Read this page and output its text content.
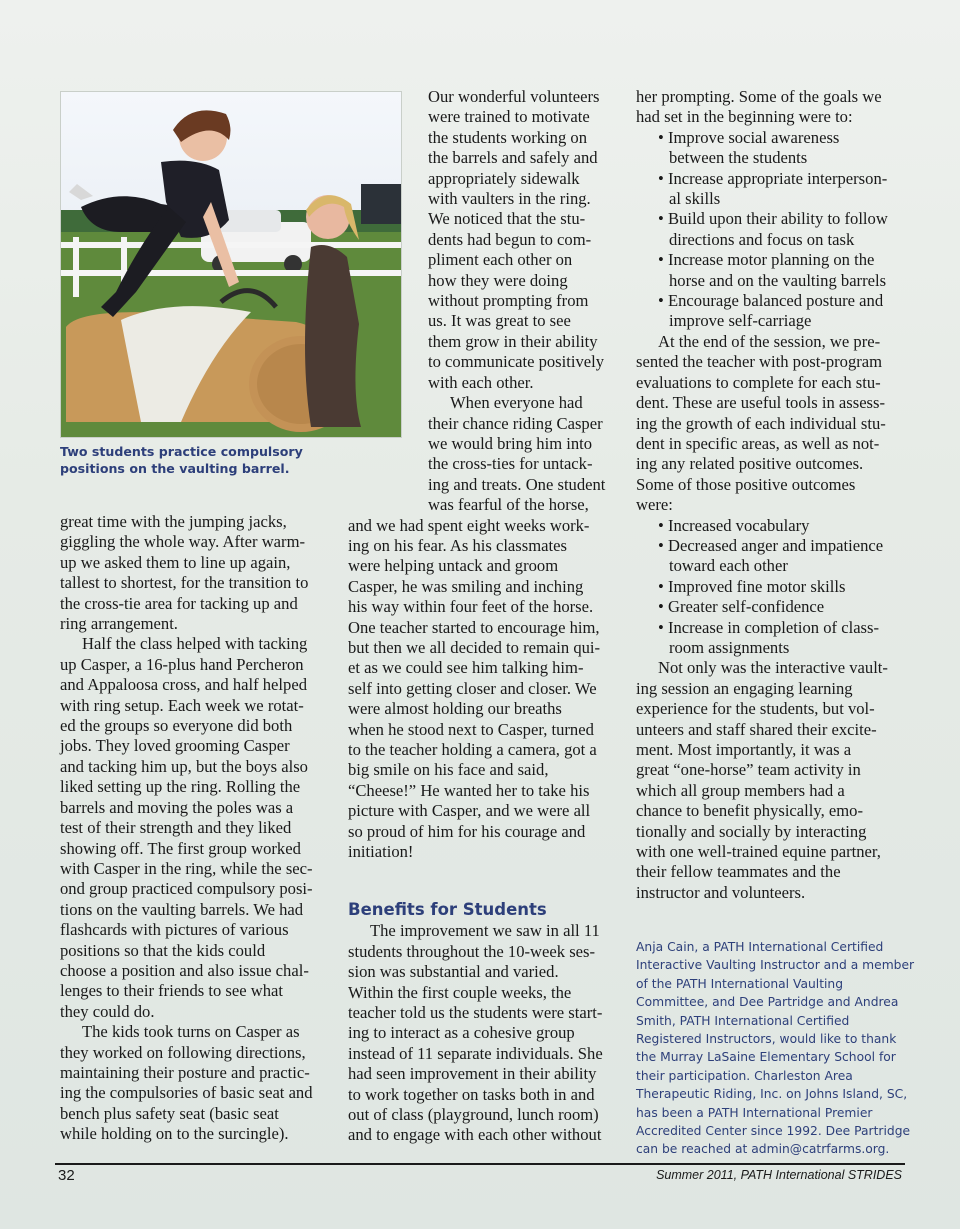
Two students practice compulsory
positions on the vaulting barrel.

great time with the jumping jacks,
giggling the whole way. After warm-
up we asked them to line up again,
tallest to shortest, for the transition to
the cross-tie area for tacking up and
ring arrangement.

Half the class helped with tacking
up Casper, a 16-plus hand Percheron
and Appaloosa cross, and half helped
with ring setup. Each week we rotat-
ed the groups so everyone did both
jobs. They loved grooming Casper
and tacking him up, but the boys also
liked setting up the ring. Rolling the
barrels and moving the poles was a
test of their strength and they liked
showing off. The first group worked
with Casper in the ring, while the sec-
ond group practiced compulsory posi-
tions on the vaulting barrels. We had
flashcards with pictures of various
positions so that the kids could
choose a position and also issue chal-
lenges to their friends to see what
they could do.

The kids took turns on Casper as
they worked on following directions,
maintaining their posture and practic-
ing the compulsories of basic seat and
bench plus safety seat (basic seat
while holding on to the surcingle).

Our wonderful volunteers
were trained to motivate
the students working on
the barrels and safely and
appropriately sidewalk
with vaulters in the ring.
We noticed that the stu-
dents had begun to com-
pliment each other on
how they were doing
without prompting from
us. It was great to see
them grow in their ability
to communicate positively
with each other.

When everyone had
their chance riding Casper
we would bring him into
the cross-ties for untack-
ing and treats. One student
was fearful of the horse,

and we had spent eight weeks work-
ing on his fear. As his classmates
were helping untack and groom
Casper, he was smiling and inching
his way within four feet of the horse.
One teacher started to encourage him,
but then we all decided to remain qui-
et as we could see him talking him-
self into getting closer and closer. We
were almost holding our breaths
when he stood next to Casper, turned
to the teacher holding a camera, got a
big smile on his face and said,
“Cheese!” He wanted her to take his
picture with Casper, and we were all
so proud of him for his courage and
initiation!

Benefits for Students

The improvement we saw in all 11
students throughout the 10-week ses-
sion was substantial and varied.
Within the first couple weeks, the
teacher told us the students were start-
ing to interact as a cohesive group
instead of 11 separate individuals. She
had seen improvement in their ability
to work together on tasks both in and
out of class (playground, lunch room)
and to engage with each other without

her prompting. Some of the goals we
had set in the beginning were to:

• Improve social awareness
between the students
• Increase appropriate interperson-
al skills
• Build upon their ability to follow
directions and focus on task
• Increase motor planning on the
horse and on the vaulting barrels
• Encourage balanced posture and
improve self-carriage

At the end of the session, we pre-
sented the teacher with post-program
evaluations to complete for each stu-
dent. These are useful tools in assess-
ing the growth of each individual stu-
dent in specific areas, as well as not-
ing any related positive outcomes.
Some of those positive outcomes
were:

• Increased vocabulary
• Decreased anger and impatience
toward each other
• Improved fine motor skills
• Greater self-confidence
• Increase in completion of class-
room assignments

Not only was the interactive vault-
ing session an engaging learning
experience for the students, but vol-
unteers and staff shared their excite-
ment. Most importantly, it was a
great “one-horse” team activity in
which all group members had a
chance to benefit physically, emo-
tionally and socially by interacting
with one well-trained equine partner,
their fellow teammates and the
instructor and volunteers.

Anja Cain, a PATH International Certified
Interactive Vaulting Instructor and a member
of the PATH International Vaulting
Committee, and Dee Partridge and Andrea
Smith, PATH International Certified
Registered Instructors, would like to thank
the Murray LaSaine Elementary School for
their participation. Charleston Area
Therapeutic Riding, Inc. on Johns Island, SC,
has been a PATH International Premier
Accredited Center since 1992. Dee Partridge
can be reached at admin@catrfarms.org.
32	Summer 2011, PATH International STRIDES
